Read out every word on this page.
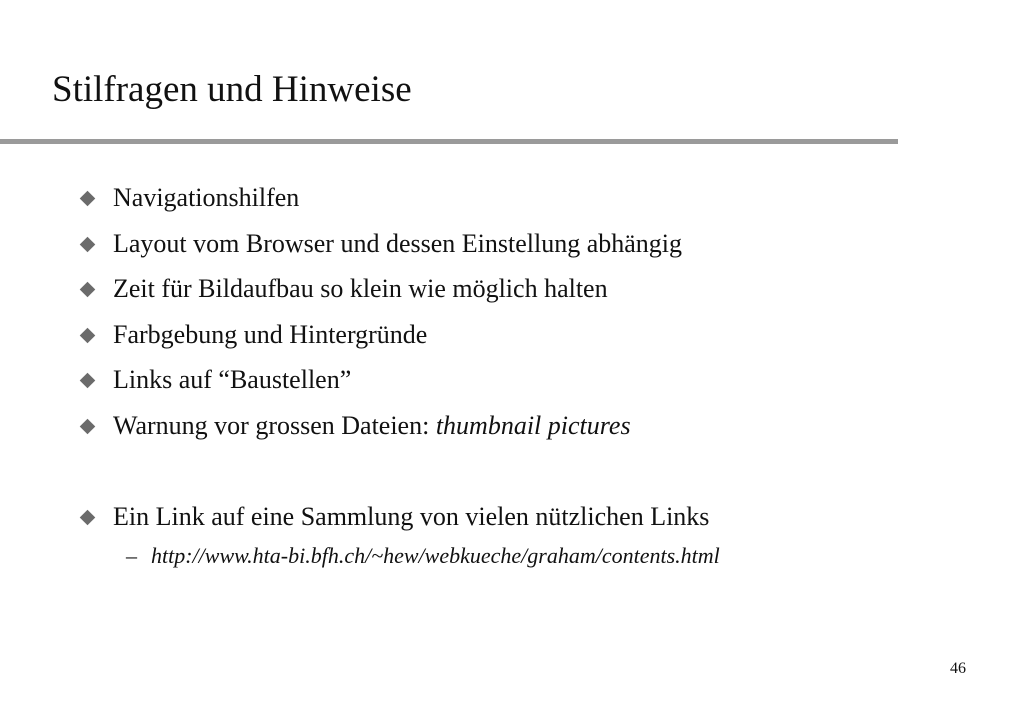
Stilfragen und Hinweise
Navigationshilfen
Layout vom Browser und dessen Einstellung abhängig
Zeit für Bildaufbau so klein wie möglich halten
Farbgebung und Hintergründe
Links auf “Baustellen”
Warnung vor grossen Dateien: thumbnail pictures
Ein Link auf eine Sammlung von vielen nützlichen Links
– http://www.hta-bi.bfh.ch/~hew/webkueche/graham/contents.html
46
